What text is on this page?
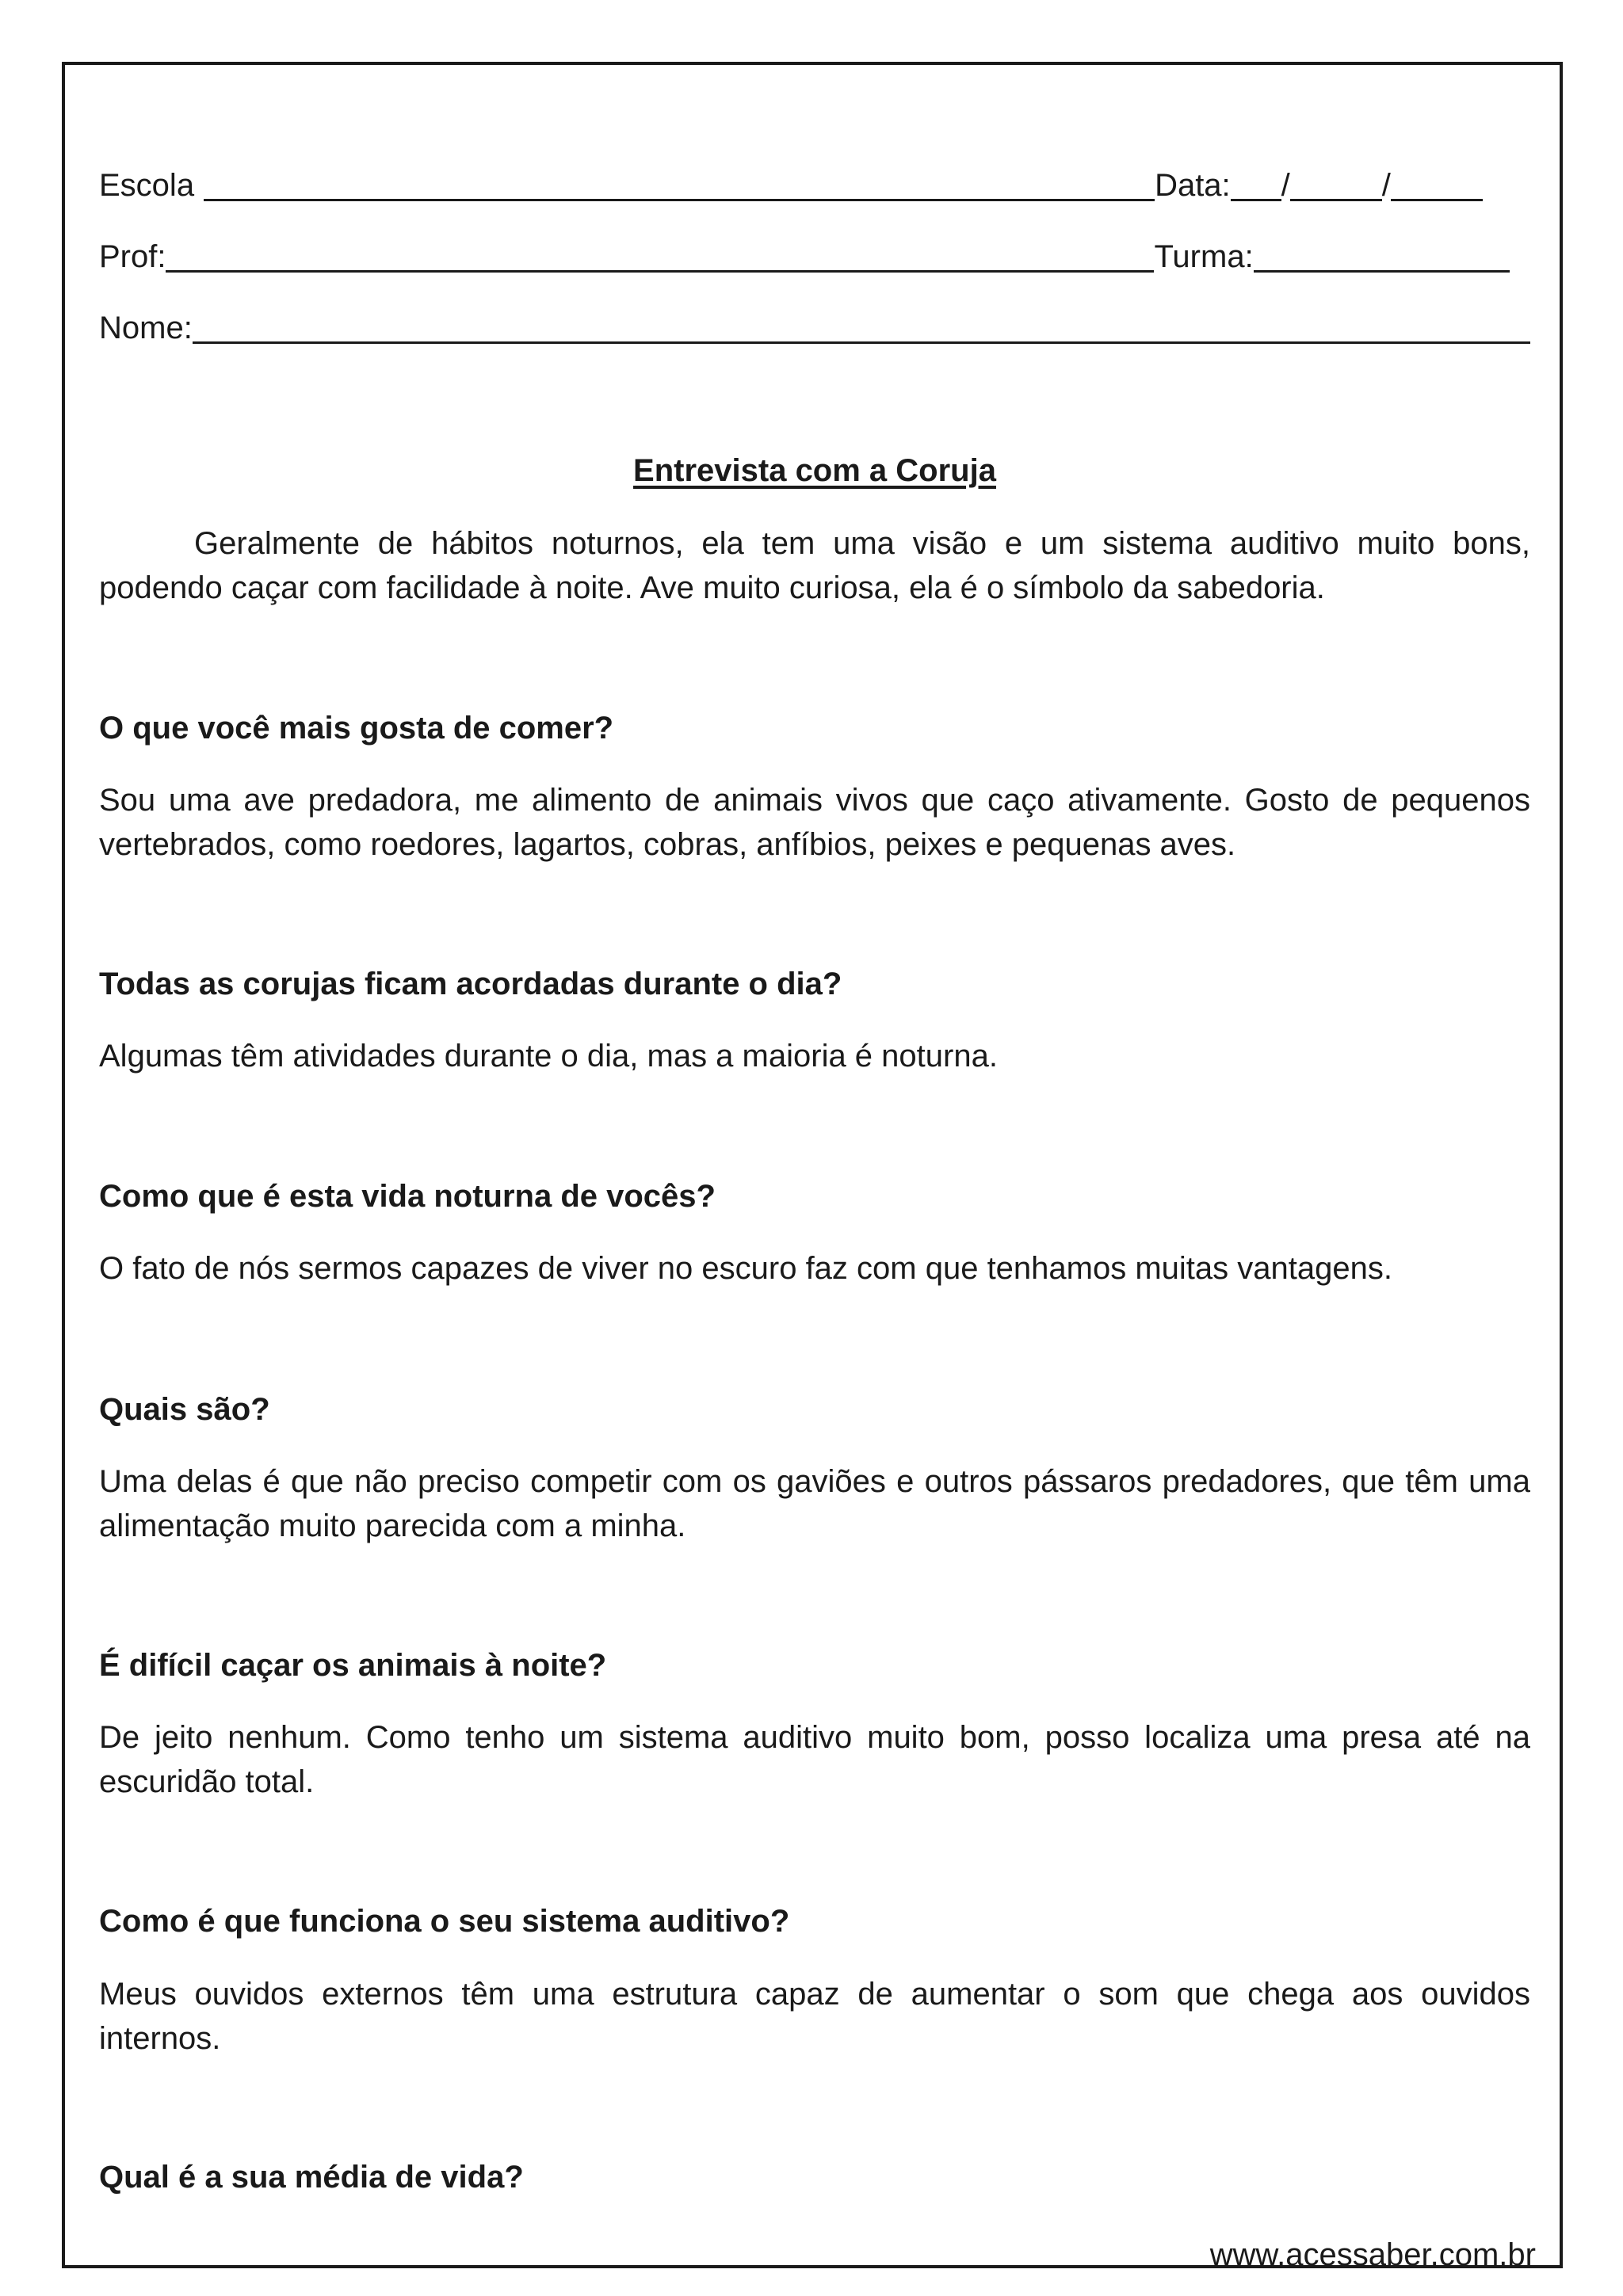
Escola	Data: /	/
Prof:	Turma:
Nome:
Entrevista com a Coruja

Geralmente de hábitos noturnos, ela tem uma visão e um sistema auditivo muito bons, podendo caçar com facilidade à noite. Ave muito curiosa, ela é o símbolo da sabedoria.

O que você mais gosta de comer?

Sou uma ave predadora, me alimento de animais vivos que caço ativamente. Gosto de pequenos vertebrados, como roedores, lagartos, cobras, anfíbios, peixes e pequenas aves.

Todas as corujas ficam acordadas durante o dia?

Algumas têm atividades durante o dia, mas a maioria é noturna.

Como que é esta vida noturna de vocês?

O fato de nós sermos capazes de viver no escuro faz com que tenhamos muitas vantagens.

Quais são?

Uma delas é que não preciso competir com os gaviões e outros pássaros predadores, que têm uma alimentação muito parecida com a minha.

É difícil caçar os animais à noite?

De jeito nenhum. Como tenho um sistema auditivo muito bom, posso localiza uma presa até na escuridão total.

Como é que funciona o seu sistema auditivo?

Meus ouvidos externos têm uma estrutura capaz de aumentar o som que chega aos ouvidos internos.

Qual é a sua média de vida?

www.acessaber.com.br
